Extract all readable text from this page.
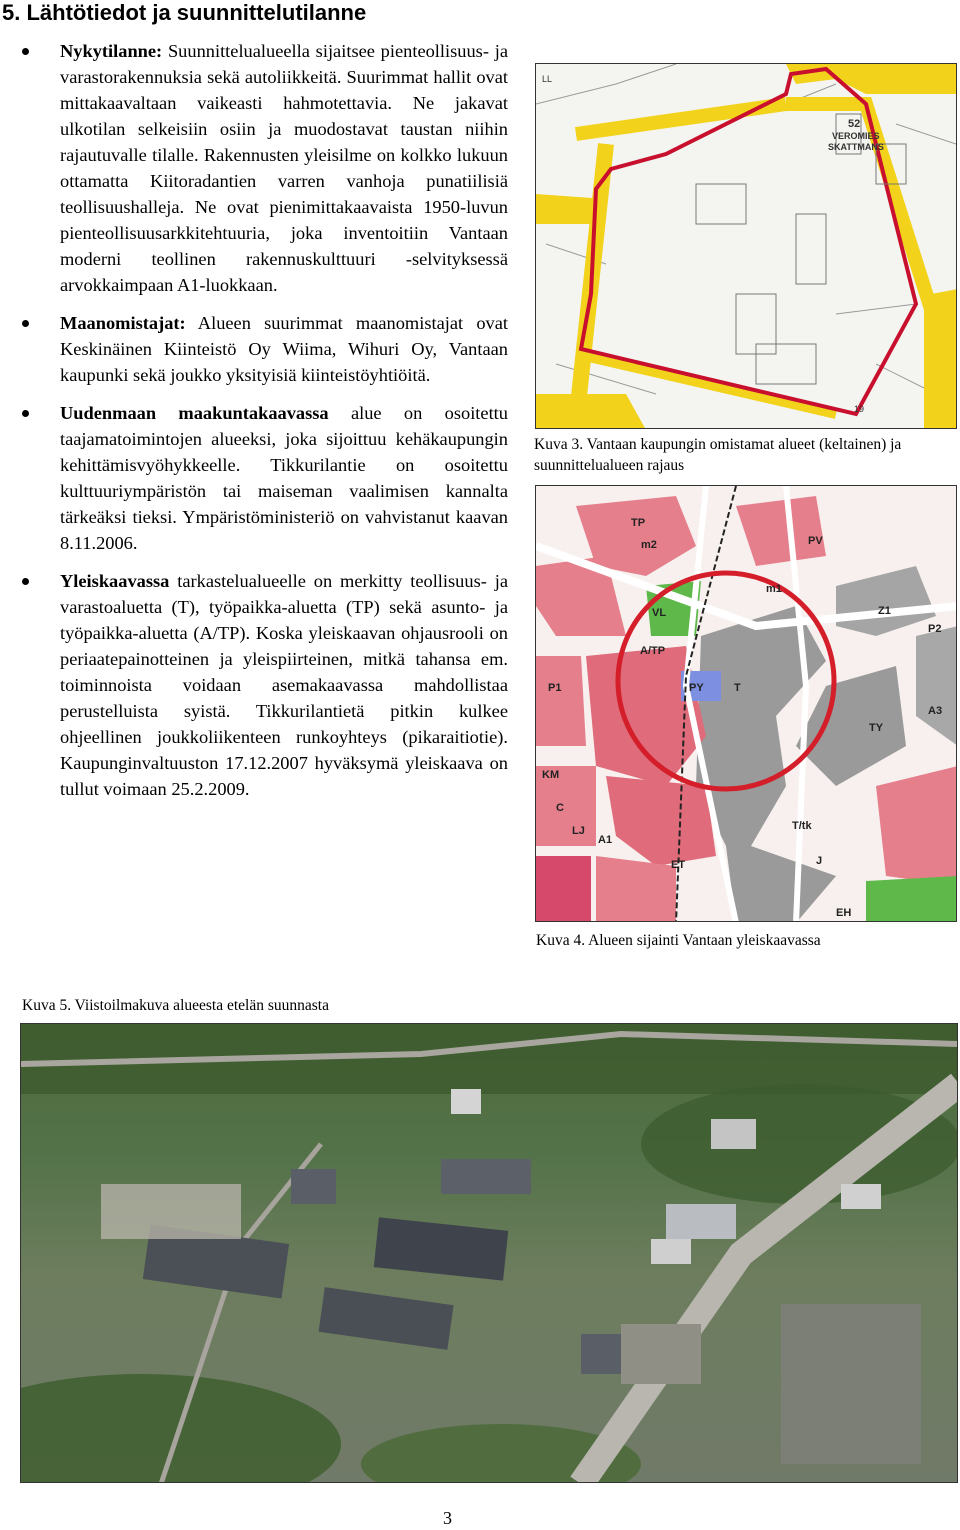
5. Lähtötiedot ja suunnittelutilanne
Nykytilanne: Suunnittelualueella sijaitsee pienteollisuus- ja varastorakennuksia sekä autoliikkeitä. Suurimmat hallit ovat mittakaavaltaan vaikeasti hahmotettavia. Ne jakavat ulkotilan selkeisiin osiin ja muodostavat taustan niihin rajautuvalle tilalle. Rakennusten yleisilme on kolkko lukuun ottamatta Kiitoradantien varren vanhoja punatiilisiä teollisuushalleja. Ne ovat pienimittakaavaista 1950-luvun pienteollisuusarkkitehtuuria, joka inventoitiin Vantaan moderni teollinen rakennuskulttuuri -selvityksessä arvokkaimpaan A1-luokkaan.
Maanomistajat: Alueen suurimmat maanomistajat ovat Keskinäinen Kiinteistö Oy Wiima, Wihuri Oy, Vantaan kaupunki sekä joukko yksityisiä kiinteistöyhtiöitä.
Uudenmaan maakuntakaavassa alue on osoitettu taajamatoimintojen alueeksi, joka sijoittuu kehäkaupungin kehittämisvyöhykkeelle. Tikkurilantie on osoitettu kulttuuriympäristön tai maiseman vaalimisen kannalta tärkeäksi tieksi. Ympäristöministeriö on vahvistanut kaavan 8.11.2006.
Yleiskaavassa tarkastelualueelle on merkitty teollisuus- ja varastoaluetta (T), työpaikka-aluetta (TP) sekä asunto- ja työpaikka-aluetta (A/TP). Koska yleiskaavan ohjausrooli on periaatepainotteinen ja yleispiirteinen, mitkä tahansa em. toiminnoista voidaan asemakaavassa mahdollistaa perustelluista syistä. Tikkurilantietä pitkin kulkee ohjeellinen joukkoliikenteen runkoyhteys (pikaraitiotie). Kaupunginvaltuuston 17.12.2007 hyväksymä yleiskaava on tullut voimaan 25.2.2009.
LL
52
VEROMIES
SKATTMANS
19
Kuva 3. Vantaan kaupungin omistamat alueet (keltainen) ja suunnittelualueen rajaus
TP
m2	PV
VL
A/TP
P1	T
PY
TY
A3
KM
LJ
C
A1
ET
EH
T/tk
m1
Z1
P2
J
Kuva 4. Alueen sijainti Vantaan yleiskaavassa
Kuva 5. Viistoilmakuva alueesta etelän suunnasta
3
